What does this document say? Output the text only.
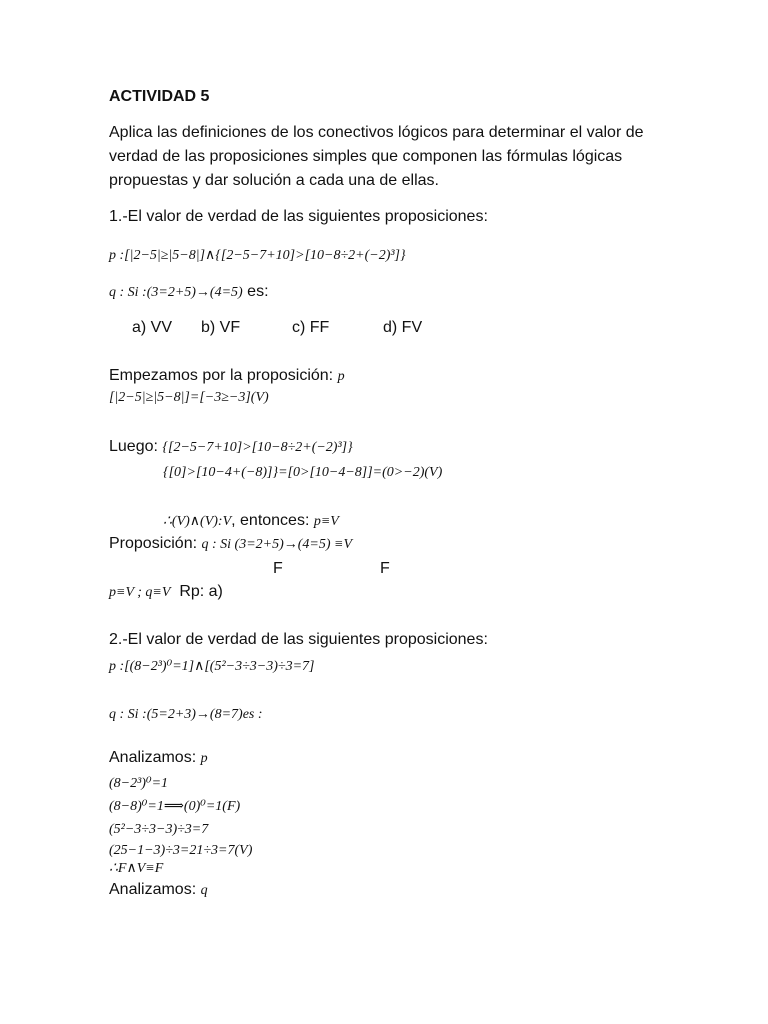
ACTIVIDAD 5
Aplica las definiciones de los conectivos lógicos para determinar el valor de
verdad de las proposiciones simples que componen las fórmulas lógicas
propuestas y dar solución a cada una de ellas.
1.-El valor de verdad de las siguientes proposiciones:
p :[|2−5|≥|5−8|]∧{[2−5−7+10]>[10−8÷2+(−2)³]}
q : Si :(3=2+5)→(4=5) es:
a) VV b) VF	c) FF	d) FV
Empezamos por la proposición: p
[|2−5|≥|5−8|]=[−3≥−3](V)
Luego: {[2−5−7+10]>[10−8÷2+(−2)³]}
{[0]>[10−4+(−8)]}=[0>[10−4−8]]=(0>−2)(V)
∴(V)∧(V):V, entonces: p≡V
Proposición: q : Si (3=2+5)→(4=5) ≡V
F	F
p≡V ; q≡V Rp: a)
2.-El valor de verdad de las siguientes proposiciones:
p :[(8−2³)⁰=1]∧[(5²−3÷3−3)÷3=7]
q : Si :(5=2+3)→(8=7)es :
Analizamos: p
(8−2³)⁰=1
(8−8)⁰=1⟹(0)⁰=1(F)
(5²−3÷3−3)÷3=7
(25−1−3)÷3=21÷3=7(V)
∴F∧V≡F
Analizamos: q
